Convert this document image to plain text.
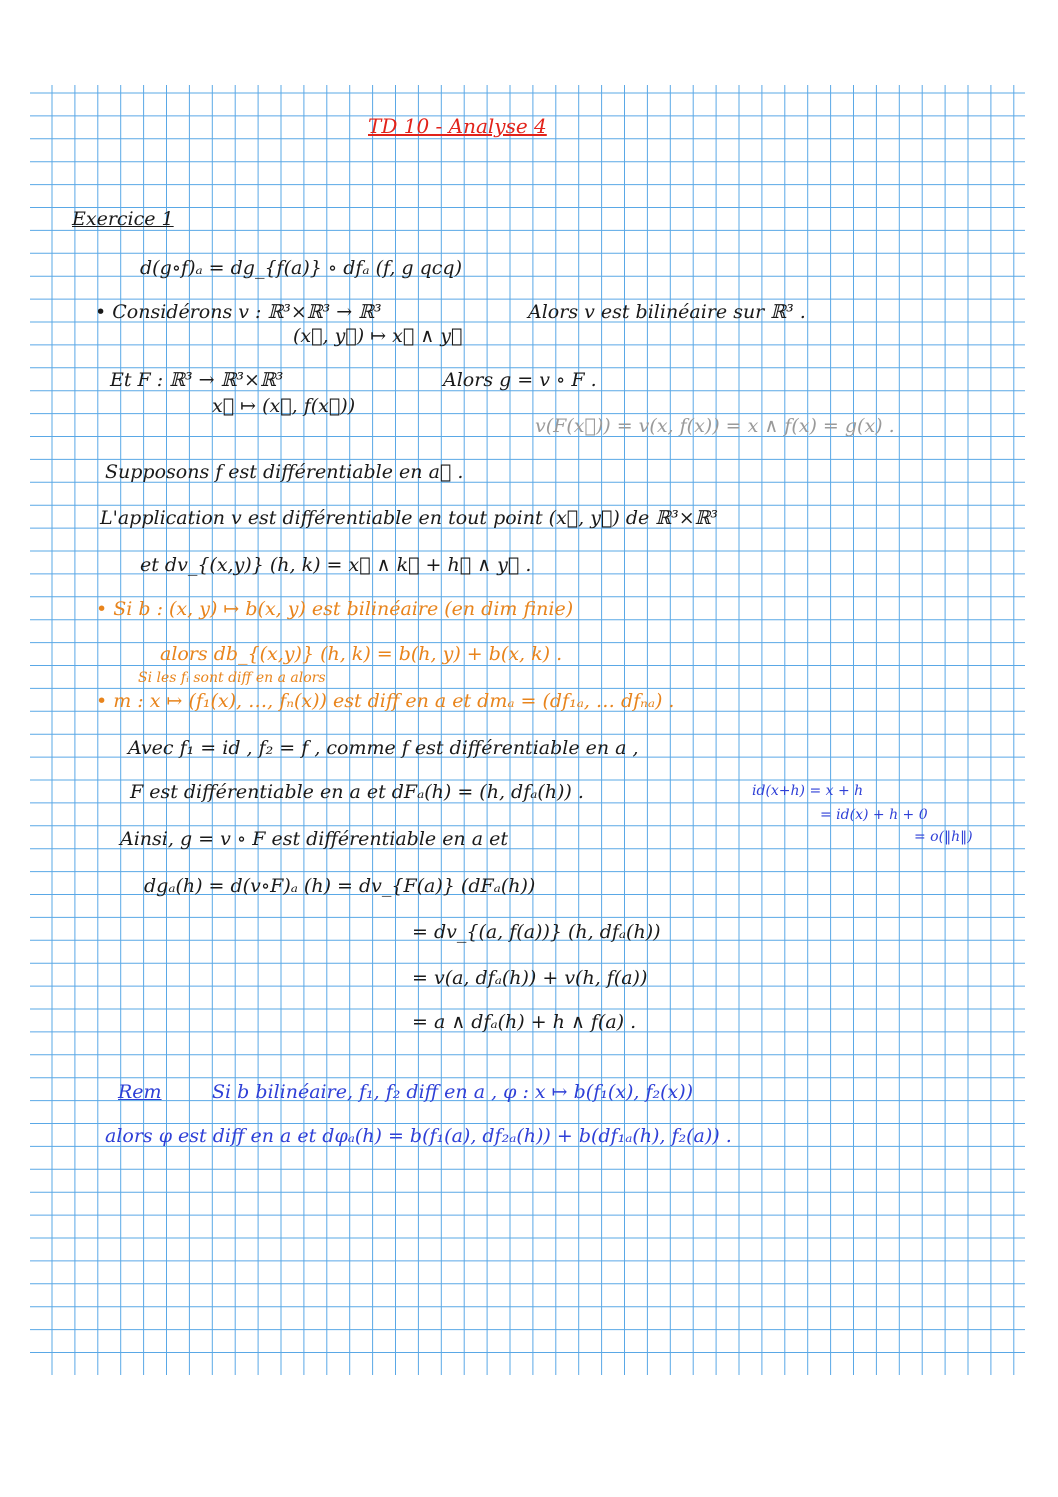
TD 10 - Analyse 4
Exercice 1
d(g∘f)ₐ = dg_{f(a)} ∘ dfₐ (f, g qcq)
• Considérons v : ℝ³×ℝ³ → ℝ³
(x⃗, y⃗) ↦ x⃗ ∧ y⃗
Alors v est bilinéaire sur ℝ³ .
Et F : ℝ³ → ℝ³×ℝ³
x⃗ ↦ (x⃗, f(x⃗))
Alors g = v ∘ F .
v(F(x⃗)) = v(x, f(x)) = x ∧ f(x) = g(x) .
Supposons f est différentiable en a⃗ .
L'application v est différentiable en tout point (x⃗, y⃗) de ℝ³×ℝ³
et dv_{(x,y)} (h, k) = x⃗ ∧ k⃗ + h⃗ ∧ y⃗ .
• Si b : (x, y) ↦ b(x, y) est bilinéaire (en dim finie)
alors db_{(x,y)} (h, k) = b(h, y) + b(x, k) .
Si les fᵢ sont diff en a alors
• m : x ↦ (f₁(x), …, fₙ(x)) est diff en a et dmₐ = (df₁ₐ, … dfₙₐ) .
Avec f₁ = id , f₂ = f , comme f est différentiable en a ,
F est différentiable en a et dFₐ(h) = (h, dfₐ(h)) .	id(x+h) = x + h
= id(x) + h + 0
= o(‖h‖)
Ainsi, g = v ∘ F est différentiable en a et
dgₐ(h) = d(v∘F)ₐ (h) = dv_{F(a)} (dFₐ(h))
= dv_{(a, f(a))} (h, dfₐ(h))
= v(a, dfₐ(h)) + v(h, f(a))
= a ∧ dfₐ(h) + h ∧ f(a) .
Rem	Si b bilinéaire, f₁, f₂ diff en a , φ : x ↦ b(f₁(x), f₂(x))
alors φ est diff en a et dφₐ(h) = b(f₁(a), df₂ₐ(h)) + b(df₁ₐ(h), f₂(a)) .
